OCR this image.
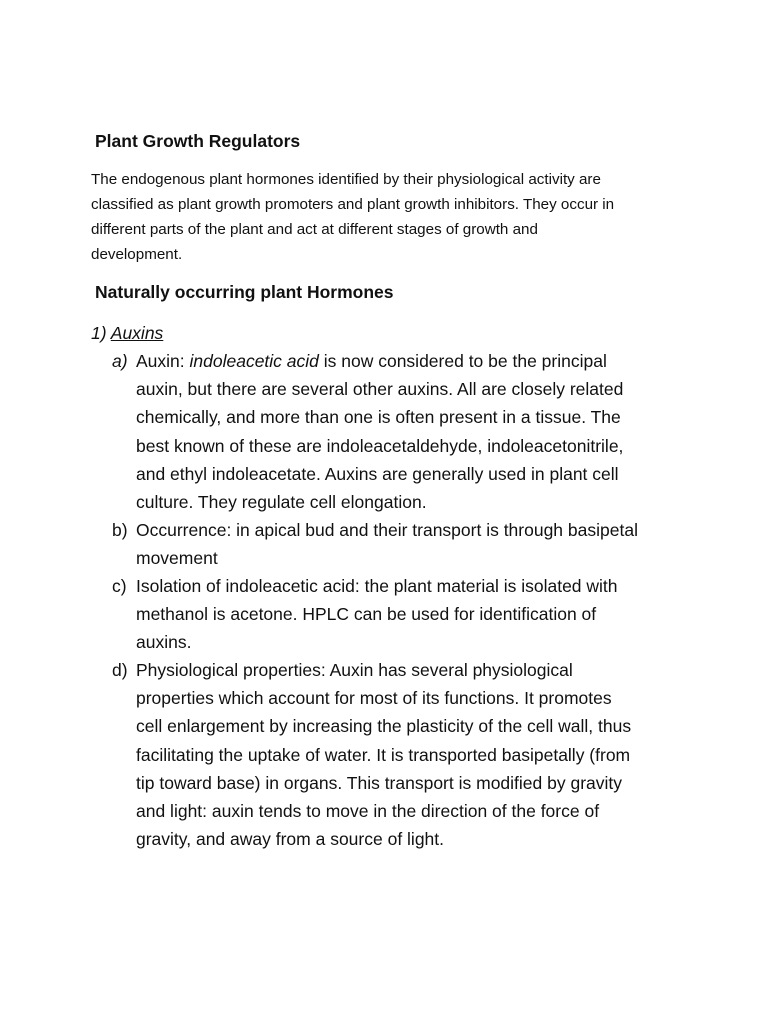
Plant Growth Regulators
The endogenous plant hormones identified by their physiological activity are
classified as plant growth promoters and plant growth inhibitors. They occur in
different parts of the plant and act at different stages of growth and
development.
Naturally occurring plant Hormones
1) Auxins
a) Auxin: indoleacetic acid is now considered to be the principal
auxin, but there are several other auxins. All are closely related
chemically, and more than one is often present in a tissue. The
best known of these are indoleacetaldehyde, indoleacetonitrile,
and ethyl indoleacetate. Auxins are generally used in plant cell
culture. They regulate cell elongation.
b) Occurrence: in apical bud and their transport is through basipetal
movement
c) Isolation of indoleacetic acid: the plant material is isolated with
methanol is acetone. HPLC can be used for identification of
auxins.
d) Physiological properties: Auxin has several physiological
properties which account for most of its functions. It promotes
cell enlargement by increasing the plasticity of the cell wall, thus
facilitating the uptake of water. It is transported basipetally (from
tip toward base) in organs. This transport is modified by gravity
and light: auxin tends to move in the direction of the force of
gravity, and away from a source of light.
